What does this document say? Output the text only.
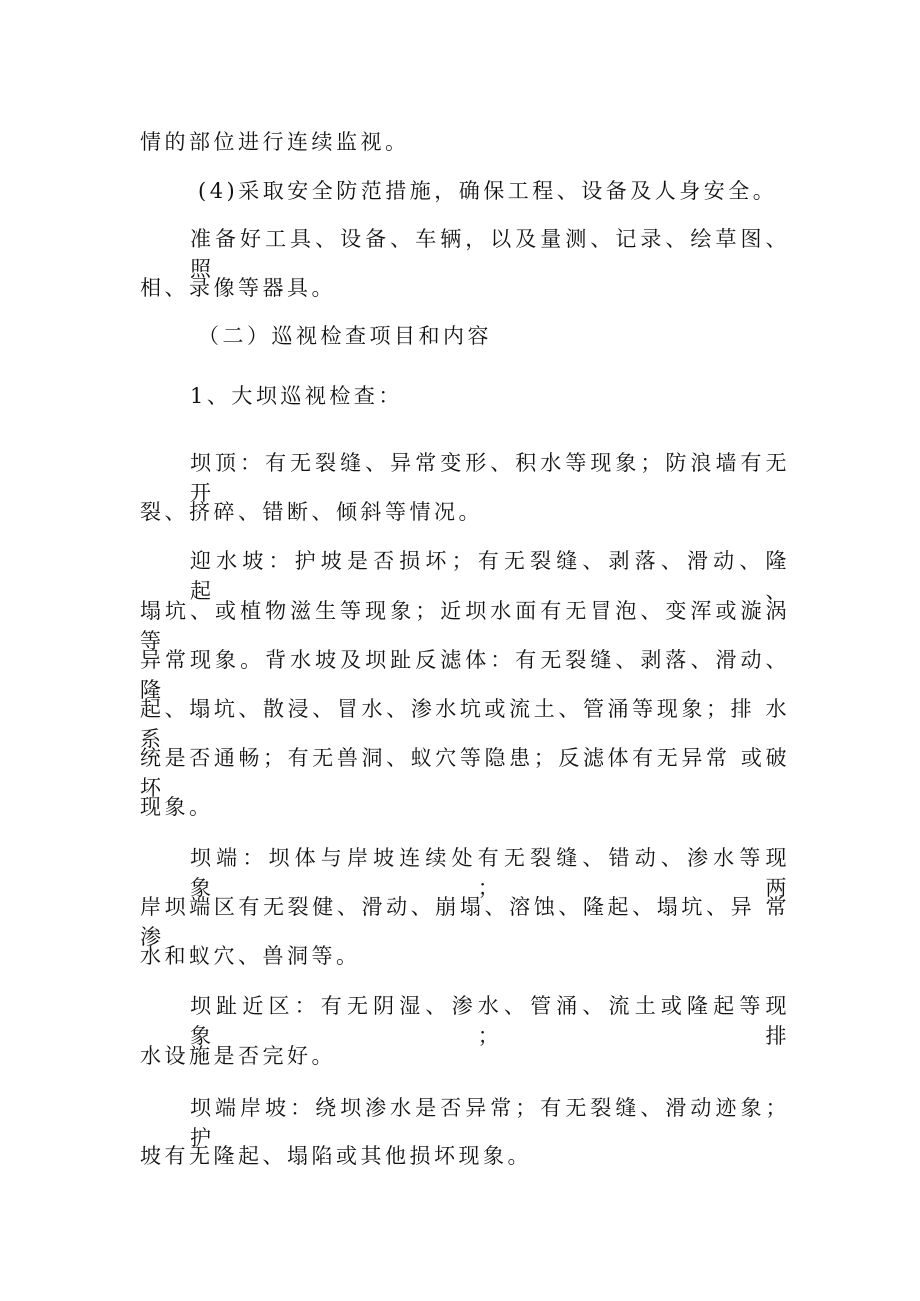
情的部位进行连续监视。
(4)采取安全防范措施，确保工程、设备及人身安全。
准备好工具、设备、车辆，以及量测、记录、绘草图、 照
相、录像等器具。
（二）巡视检查项目和内容
1、大坝巡视检查：
坝顶：有无裂缝、异常变形、积水等现象；防浪墙有无 开
裂、挤碎、错断、倾斜等情况。
迎水坡：护坡是否损坏；有无裂缝、剥落、滑动、隆起、
塌坑、或植物滋生等现象；近坝水面有无冒泡、变浑或漩涡 等
异常现象。背水坡及坝趾反滤体：有无裂缝、剥落、滑动、 隆
起、塌坑、散浸、冒水、渗水坑或流土、管涌等现象；排 水系
统是否通畅；有无兽洞、蚁穴等隐患；反滤体有无异常 或破坏
现象。
坝端：坝体与岸坡连续处有无裂缝、错动、渗水等现象；两
岸坝端区有无裂健、滑动、崩塌、溶蚀、隆起、塌坑、异 常渗
水和蚁穴、兽洞等。
坝趾近区：有无阴湿、渗水、管涌、流土或隆起等现象；排
水设施是否完好。
坝端岸坡：绕坝渗水是否异常；有无裂缝、滑动迹象； 护
坡有无隆起、塌陷或其他损坏现象。
